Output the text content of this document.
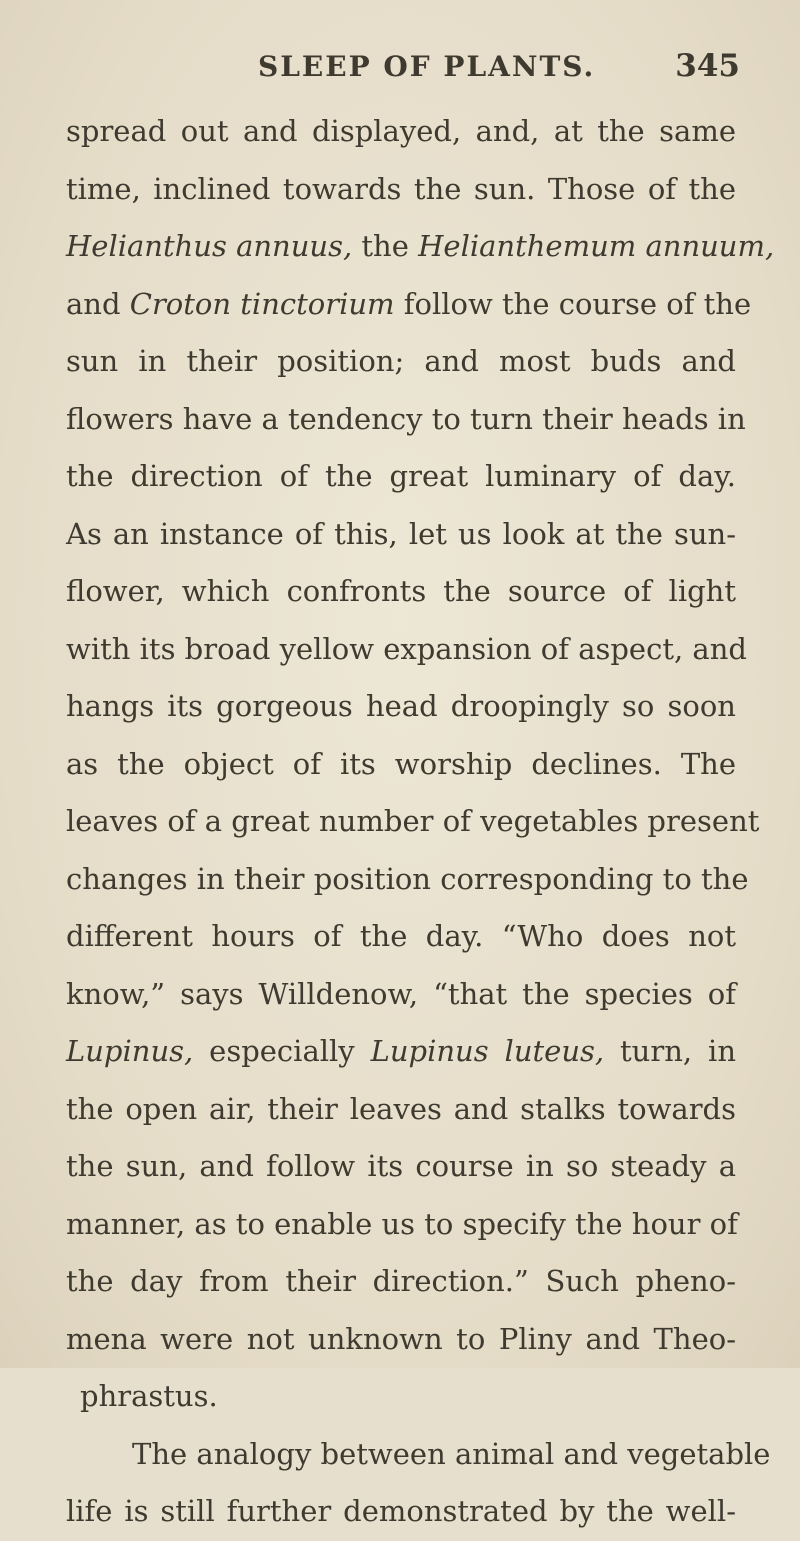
SLEEP OF PLANTS.	345
spread out and displayed, and, at the same
time, inclined towards the sun. Those of the
Helianthus annuus, the Helianthemum annuum,
and Croton tinctorium follow the course of the
sun in their position; and most buds and
flowers have a tendency to turn their heads in
the direction of the great luminary of day.
As an instance of this, let us look at the sun-
flower, which confronts the source of light
with its broad yellow expansion of aspect, and
hangs its gorgeous head droopingly so soon
as the object of its worship declines. The
leaves of a great number of vegetables present
changes in their position corresponding to the
different hours of the day. “Who does not
know,” says Willdenow, “that the species of
Lupinus, especially Lupinus luteus, turn, in
the open air, their leaves and stalks towards
the sun, and follow its course in so steady a
manner, as to enable us to specify the hour of
the day from their direction.” Such pheno-
mena were not unknown to Pliny and Theo-
phrastus.
The analogy between animal and vegetable
life is still further demonstrated by the well-
